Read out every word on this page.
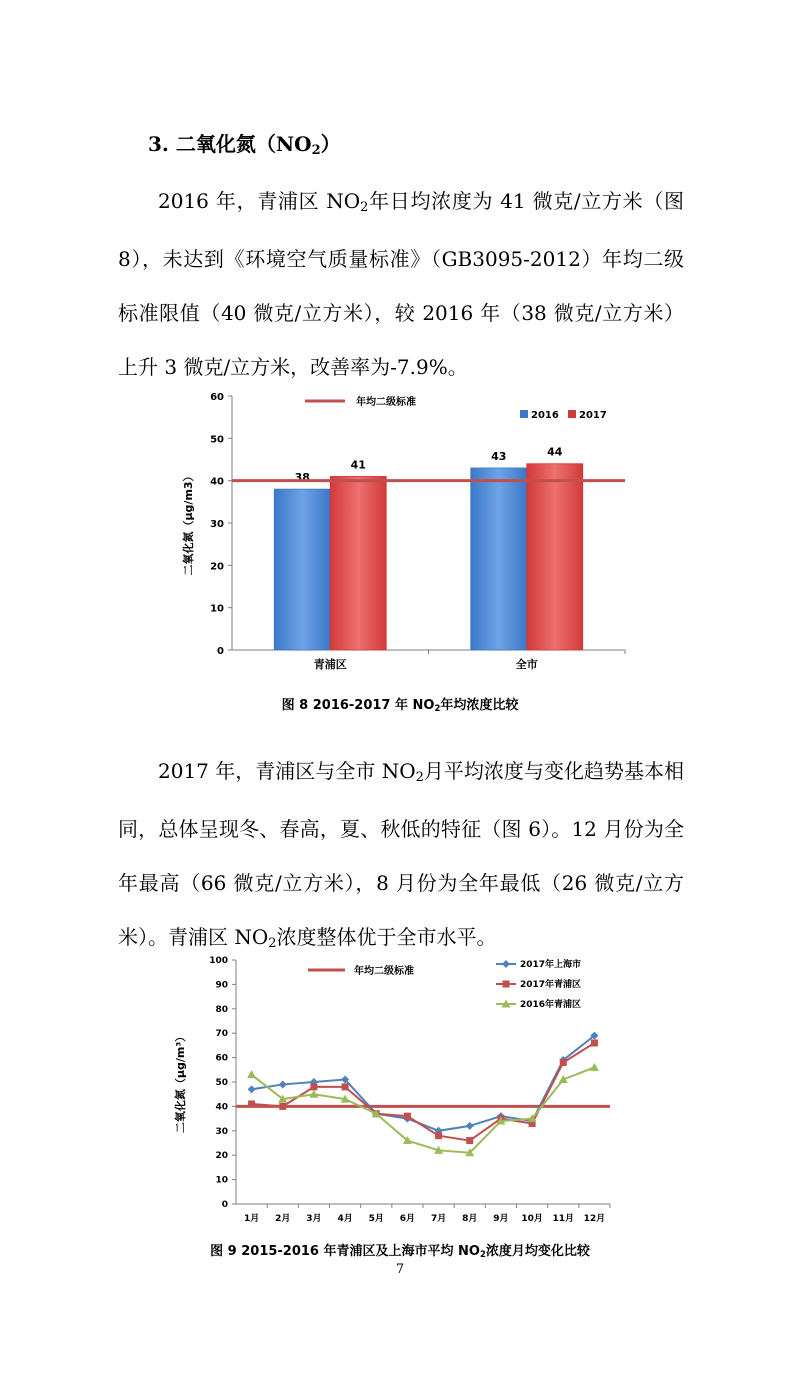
3. 二氧化氮$(NO_2)$
2016 年，青浦区 $NO_2$年日均浓度为 41 微克/立方米（图 8），未达到《环境空气质量标准》（GB3095-2012）年均二级标准限值（40 微克/立方米），较 2016 年（38 微克/立方米）上升 3 微克/立方米，改善率为-7.9%。
0
10
20
30
40
50
60
二氧化氮（μg/m3）
青浦区
38
41
全市
43	44
年均二级标准
2016 2017
图 8 2016-2017 年 $NO_2$年均浓度比较
2017 年，青浦区与全市 $NO_2$月平均浓度与变化趋势基本相同，总体呈现冬、春高，夏、秋低的特征（图 6）。12 月份为全年最高（66 微克/立方米），8 月份为全年最低（26 微克/立方米）。青浦区 $NO_2$浓度整体优于全市水平。
0
10
20
30
40
50
60
70
80
90
100
二氧化氮（μg/m³）
1月 2月 3月 4月 5月 6月 7月 8月 9月 10月 11月 12月
年均二级标准
2017年上海市
2017年青浦区
2016年青浦区
图 9 2015-2016 年青浦区及上海市平均 $NO_2$浓度月均变化比较
7
